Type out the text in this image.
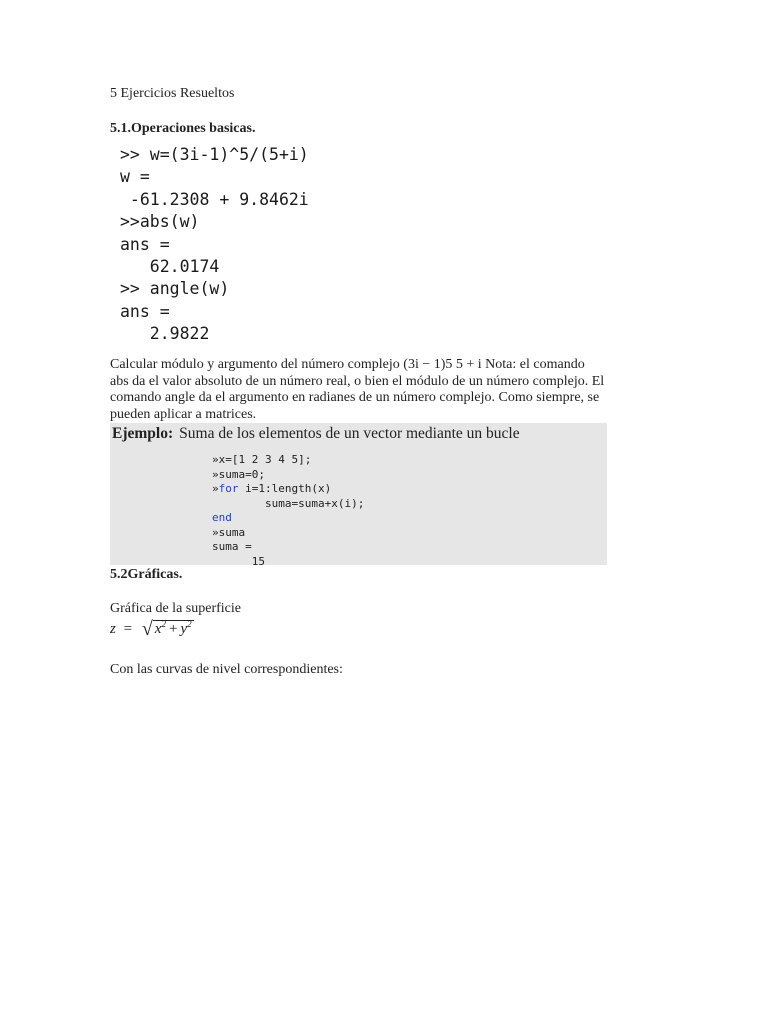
5 Ejercicios Resueltos
5.1.Operaciones basicas.
>> w=(3i-1)^5/(5+i)
w =
-61.2308 + 9.8462i
>>abs(w)
ans =
62.0174
>> angle(w)
ans =
2.9822
Calcular módulo y argumento del número complejo (3i − 1)5 5 + i Nota: el comando
abs da el valor absoluto de un número real, o bien el módulo de un número complejo. El
comando angle da el argumento en radianes de un número complejo. Como siempre, se
pueden aplicar a matrices.
Ejemplo: Suma de los elementos de un vector mediante un bucle
»x=[1 2 3 4 5];
»suma=0;
»for i=1:length(x)
suma=suma+x(i);
end
»suma
suma =
15
5.2Gráficas.
Gráfica de la superficie
z = √ $x^2 + y^2$
Con las curvas de nivel correspondientes:
